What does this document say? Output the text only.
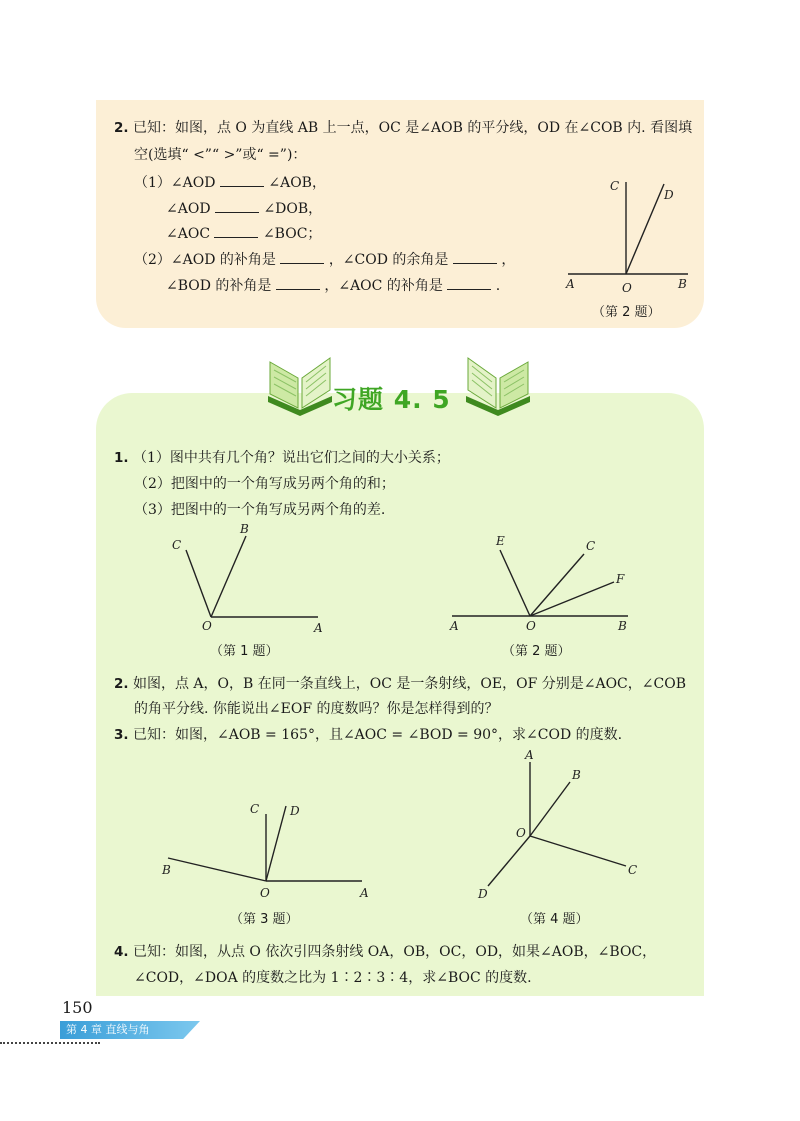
2. 已知：如图，点 O 为直线 AB 上一点，OC 是∠AOB 的平分线，OD 在∠COB 内. 看图填
空(选填“ <”“ >”或“ =”)：
（1）∠AOD	∠AOB，
∠AOD	∠DOB，
∠AOC	∠BOC；
（2）∠AOD 的补角是	，∠COD 的余角是	，
∠BOD 的补角是	，∠AOC 的补角是	.
C
D
A	O	B
（第 2 题）
习题 4. 5
1. （1）图中共有几个角？说出它们之间的大小关系；
（2）把图中的一个角写成另两个角的和；
（3）把图中的一个角写成另两个角的差.
C
B
O	A
（第 1 题）
E	C
F
A	O	B
（第 2 题）
2. 如图，点 A，O，B 在同一条直线上，OC 是一条射线，OE，OF 分别是∠AOC，∠COB
的角平分线. 你能说出∠EOF 的度数吗？你是怎样得到的？
3. 已知：如图，∠AOB = 165°，且∠AOC = ∠BOD = 90°，求∠COD 的度数.
C	D
B
O	A
（第 3 题）
A
B
O
C
D
（第 4 题）
4. 已知：如图，从点 O 依次引四条射线 OA，OB，OC，OD，如果∠AOB，∠BOC，
∠COD，∠DOA 的度数之比为 1∶2∶3∶4，求∠BOC 的度数.
150
第 4 章 直线与角
